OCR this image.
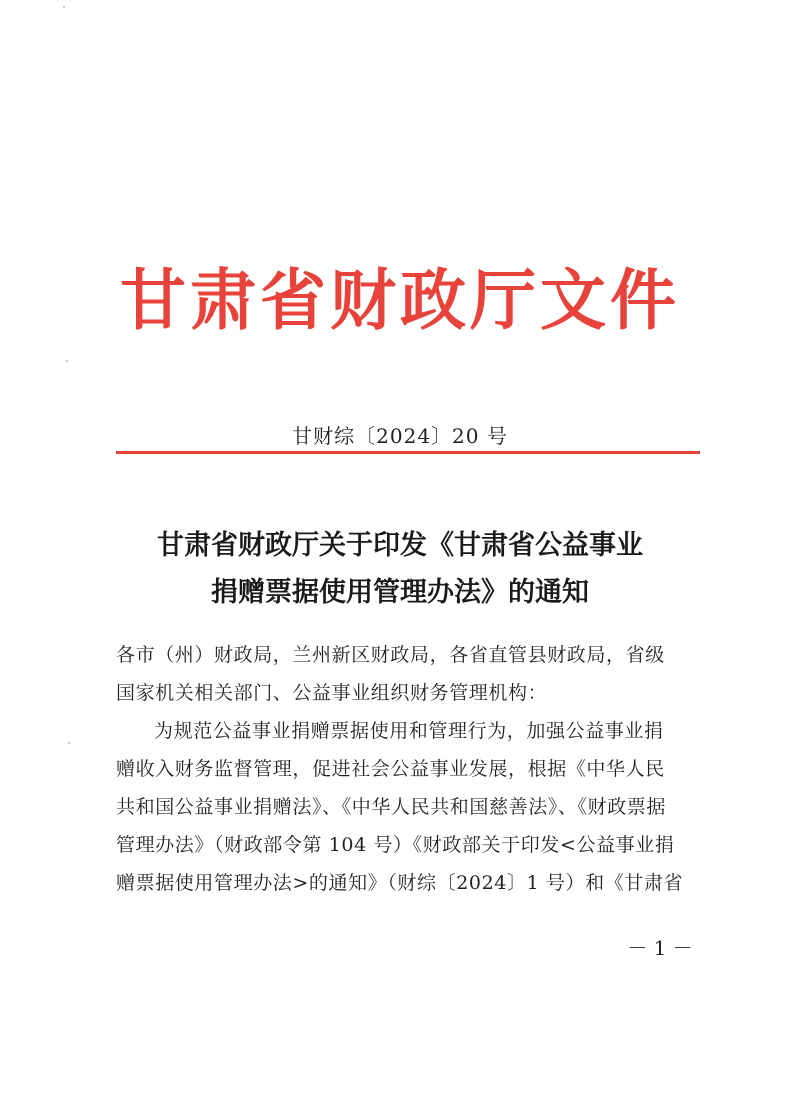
甘肃省财政厅文件
甘财综〔2024〕20 号
甘肃省财政厅关于印发《甘肃省公益事业
捐赠票据使用管理办法》的通知
各市（州）财政局，兰州新区财政局，各省直管县财政局，省级
国家机关相关部门、公益事业组织财务管理机构：
为规范公益事业捐赠票据使用和管理行为，加强公益事业捐
赠收入财务监督管理，促进社会公益事业发展，根据《中华人民
共和国公益事业捐赠法》、《中华人民共和国慈善法》、《财政票据
管理办法》（财政部令第 104 号）《财政部关于印发<公益事业捐
赠票据使用管理办法>的通知》（财综〔2024〕1 号）和《甘肃省
－ 1 －
